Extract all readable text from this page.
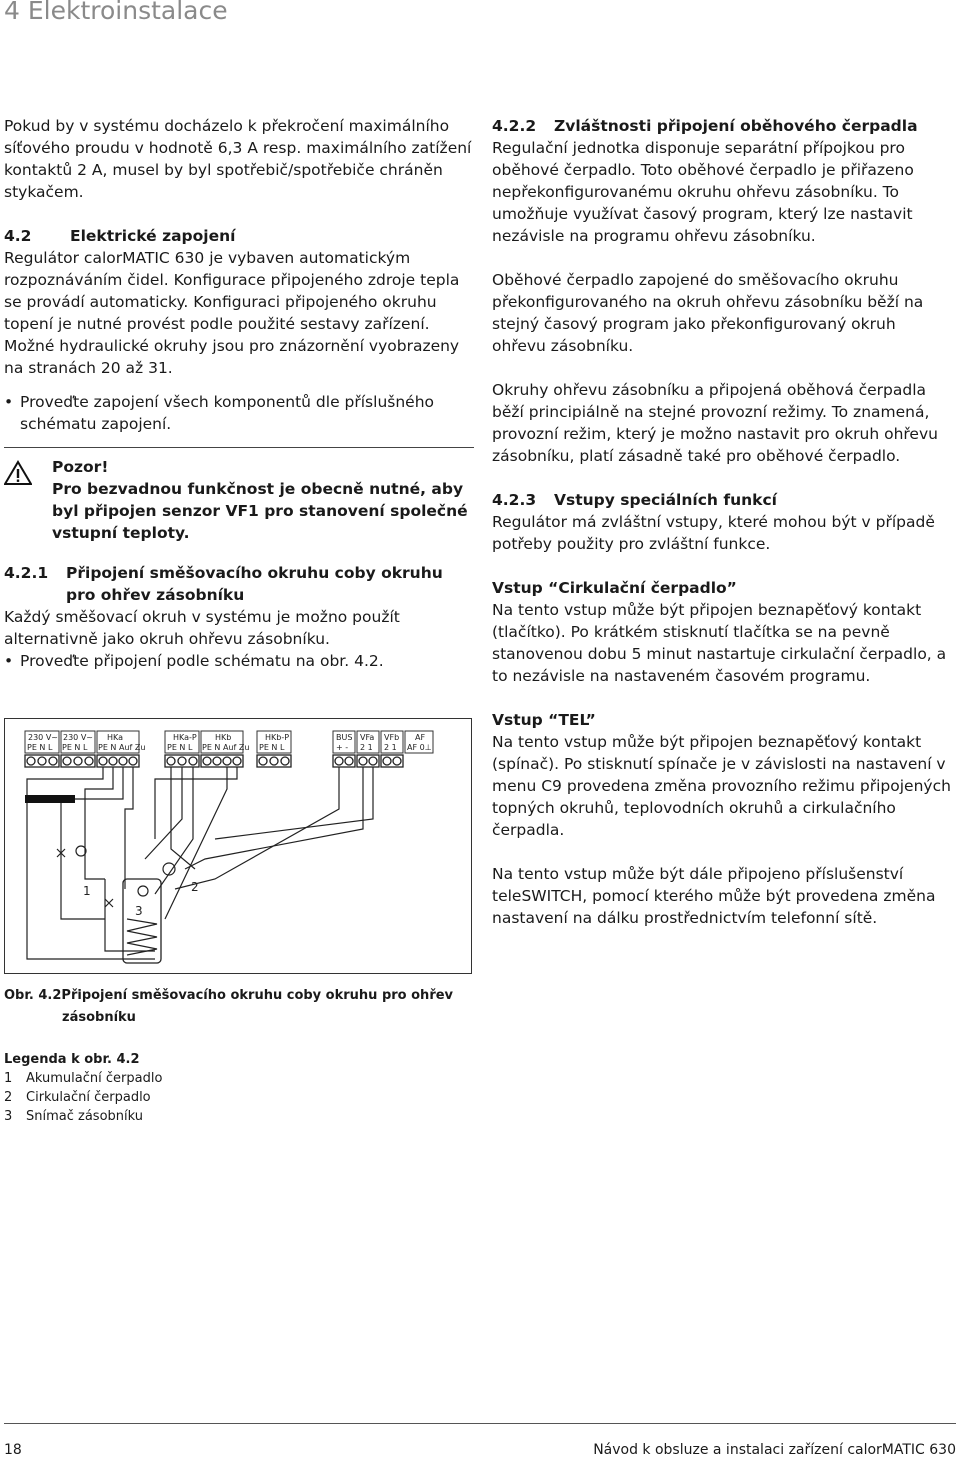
4 Elektroinstalace

Pokud by v systému docházelo k překročení maximálního síťového proudu v hodnotě 6,3 A resp. maximálního zatížení kontaktů 2 A, musel by byl spotřebič/spotřebiče chráněn stykačem.

4.2 Elektrické zapojení

Regulátor calorMATIC 630 je vybaven automatickým rozpoznáváním čidel. Konfigurace připojeného zdroje tepla se provádí automaticky. Konfiguraci připojeného okruhu topení je nutné provést podle použité sestavy zařízení.

Možné hydraulické okruhy jsou pro znázornění vyobrazeny na stranách 20 až 31.

• Proveďte zapojení všech komponentů dle příslušného schématu zapojení.
Pozor!
Pro bezvadnou funkčnost je obecně nutné, aby byl připojen senzor VF1 pro stanovení společné vstupní teploty.
4.2.1	Připojení směšovacího okruhu coby okruhu pro ohřev zásobníku

Každý směšovací okruh v systému je možno použít alternativně jako okruh ohřevu zásobníku.

• Proveďte připojení podle schématu na obr. 4.2.
230 V~
PE N L
230 V~
PE N L
HKa
PE N Auf Zu
HKa-P
PE N L
HKb
PE N Auf Zu
HKb-P
PE N L
BUS
+ -
VFa
2 1
VFb
2 1
AF
AF 0⊥
1	2
3
Obr. 4.2Připojení směšovacího okruhu coby okruhu pro ohřev
zásobníku
Legenda k obr. 4.2
1	Akumulační čerpadlo
2	Cirkulační čerpadlo
3	Snímač zásobníku

4.2.2	Zvláštnosti připojení oběhového čerpadla

Regulační jednotka disponuje separátní přípojkou pro oběhové čerpadlo. Toto oběhové čerpadlo je přiřazeno nepřekonfigurovanému okruhu ohřevu zásobníku. To umožňuje využívat časový program, který lze nastavit nezávisle na programu ohřevu zásobníku.

Oběhové čerpadlo zapojené do směšovacího okruhu překonfigurovaného na okruh ohřevu zásobníku běží na stejný časový program jako překonfigurovaný okruh ohřevu zásobníku.

Okruhy ohřevu zásobníku a připojená oběhová čerpadla běží principiálně na stejné provozní režimy. To znamená, provozní režim, který je možno nastavit pro okruh ohřevu zásobníku, platí zásadně také pro oběhové čerpadlo.

4.2.3	Vstupy speciálních funkcí

Regulátor má zvláštní vstupy, které mohou být v případě potřeby použity pro zvláštní funkce.

Vstup “Cirkulační čerpadlo”

Na tento vstup může být připojen beznapěťový kontakt (tlačítko). Po krátkém stisknutí tlačítka se na pevně stanovenou dobu 5 minut nastartuje cirkulační čerpadlo, a to nezávisle na nastaveném časovém programu.

Vstup “TEL”

Na tento vstup může být připojen beznapěťový kontakt (spínač). Po stisknutí spínače je v závislosti na nastavení v menu C9 provedena změna provozního režimu připojených topných okruhů, teplovodních okruhů a cirkulačního čerpadla.

Na tento vstup může být dále připojeno příslušenství teleSWITCH, pomocí kterého může být provedena změna nastavení na dálku prostřednictvím telefonní sítě.

18	Návod k obsluze a instalaci zařízení calorMATIC 630
